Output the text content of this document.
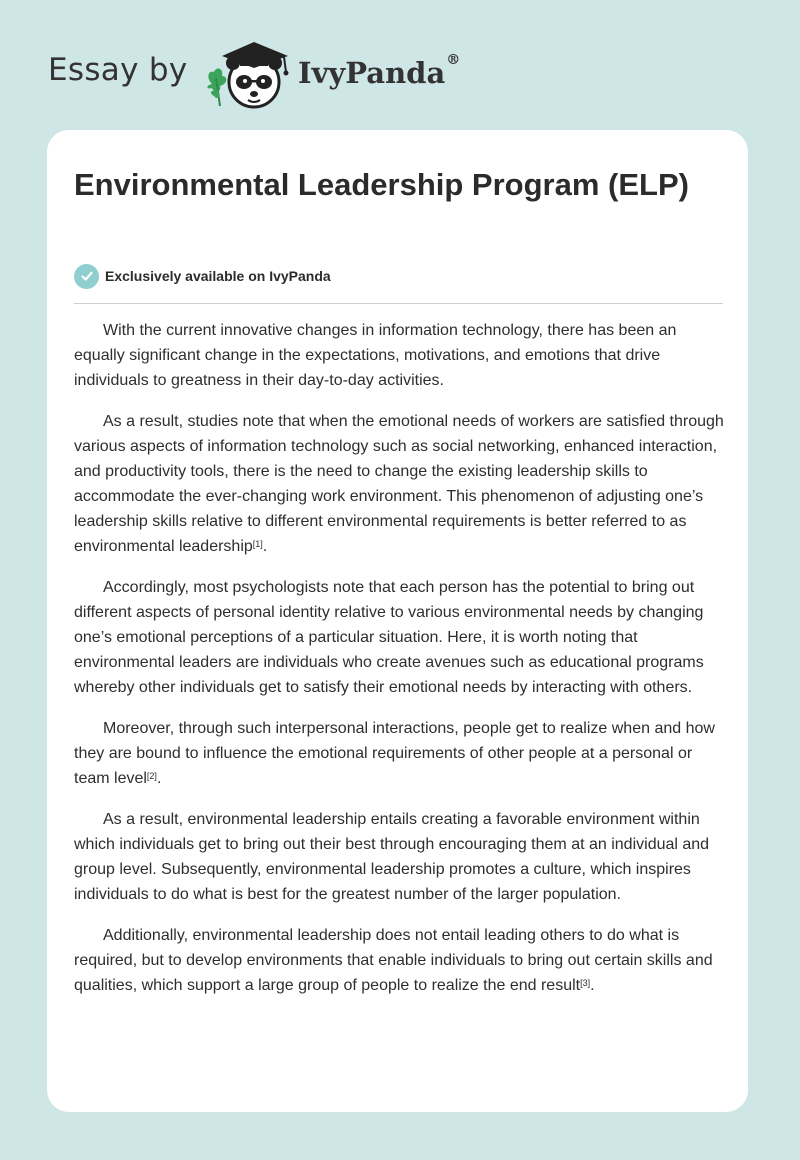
Essay by	IvyPanda®
Environmental Leadership Program (ELP)
Exclusively available on IvyPanda

With the current innovative changes in information technology, there has been an equally significant change in the expectations, motivations, and emotions that drive individuals to greatness in their day-to-day activities.

As a result, studies note that when the emotional needs of workers are satisfied through various aspects of information technology such as social networking, enhanced interaction, and productivity tools, there is the need to change the existing leadership skills to accommodate the ever-changing work environment. This phenomenon of adjusting one’s leadership skills relative to different environmental requirements is better referred to as environmental leadership[1].

Accordingly, most psychologists note that each person has the potential to bring out different aspects of personal identity relative to various environmental needs by changing one’s emotional perceptions of a particular situation. Here, it is worth noting that environmental leaders are individuals who create avenues such as educational programs whereby other individuals get to satisfy their emotional needs by interacting with others.

Moreover, through such interpersonal interactions, people get to realize when and how they are bound to influence the emotional requirements of other people at a personal or team level[2].

As a result, environmental leadership entails creating a favorable environment within which individuals get to bring out their best through encouraging them at an individual and group level. Subsequently, environmental leadership promotes a culture, which inspires individuals to do what is best for the greatest number of the larger population.

Additionally, environmental leadership does not entail leading others to do what is required, but to develop environments that enable individuals to bring out certain skills and qualities, which support a large group of people to realize the end result[3].
